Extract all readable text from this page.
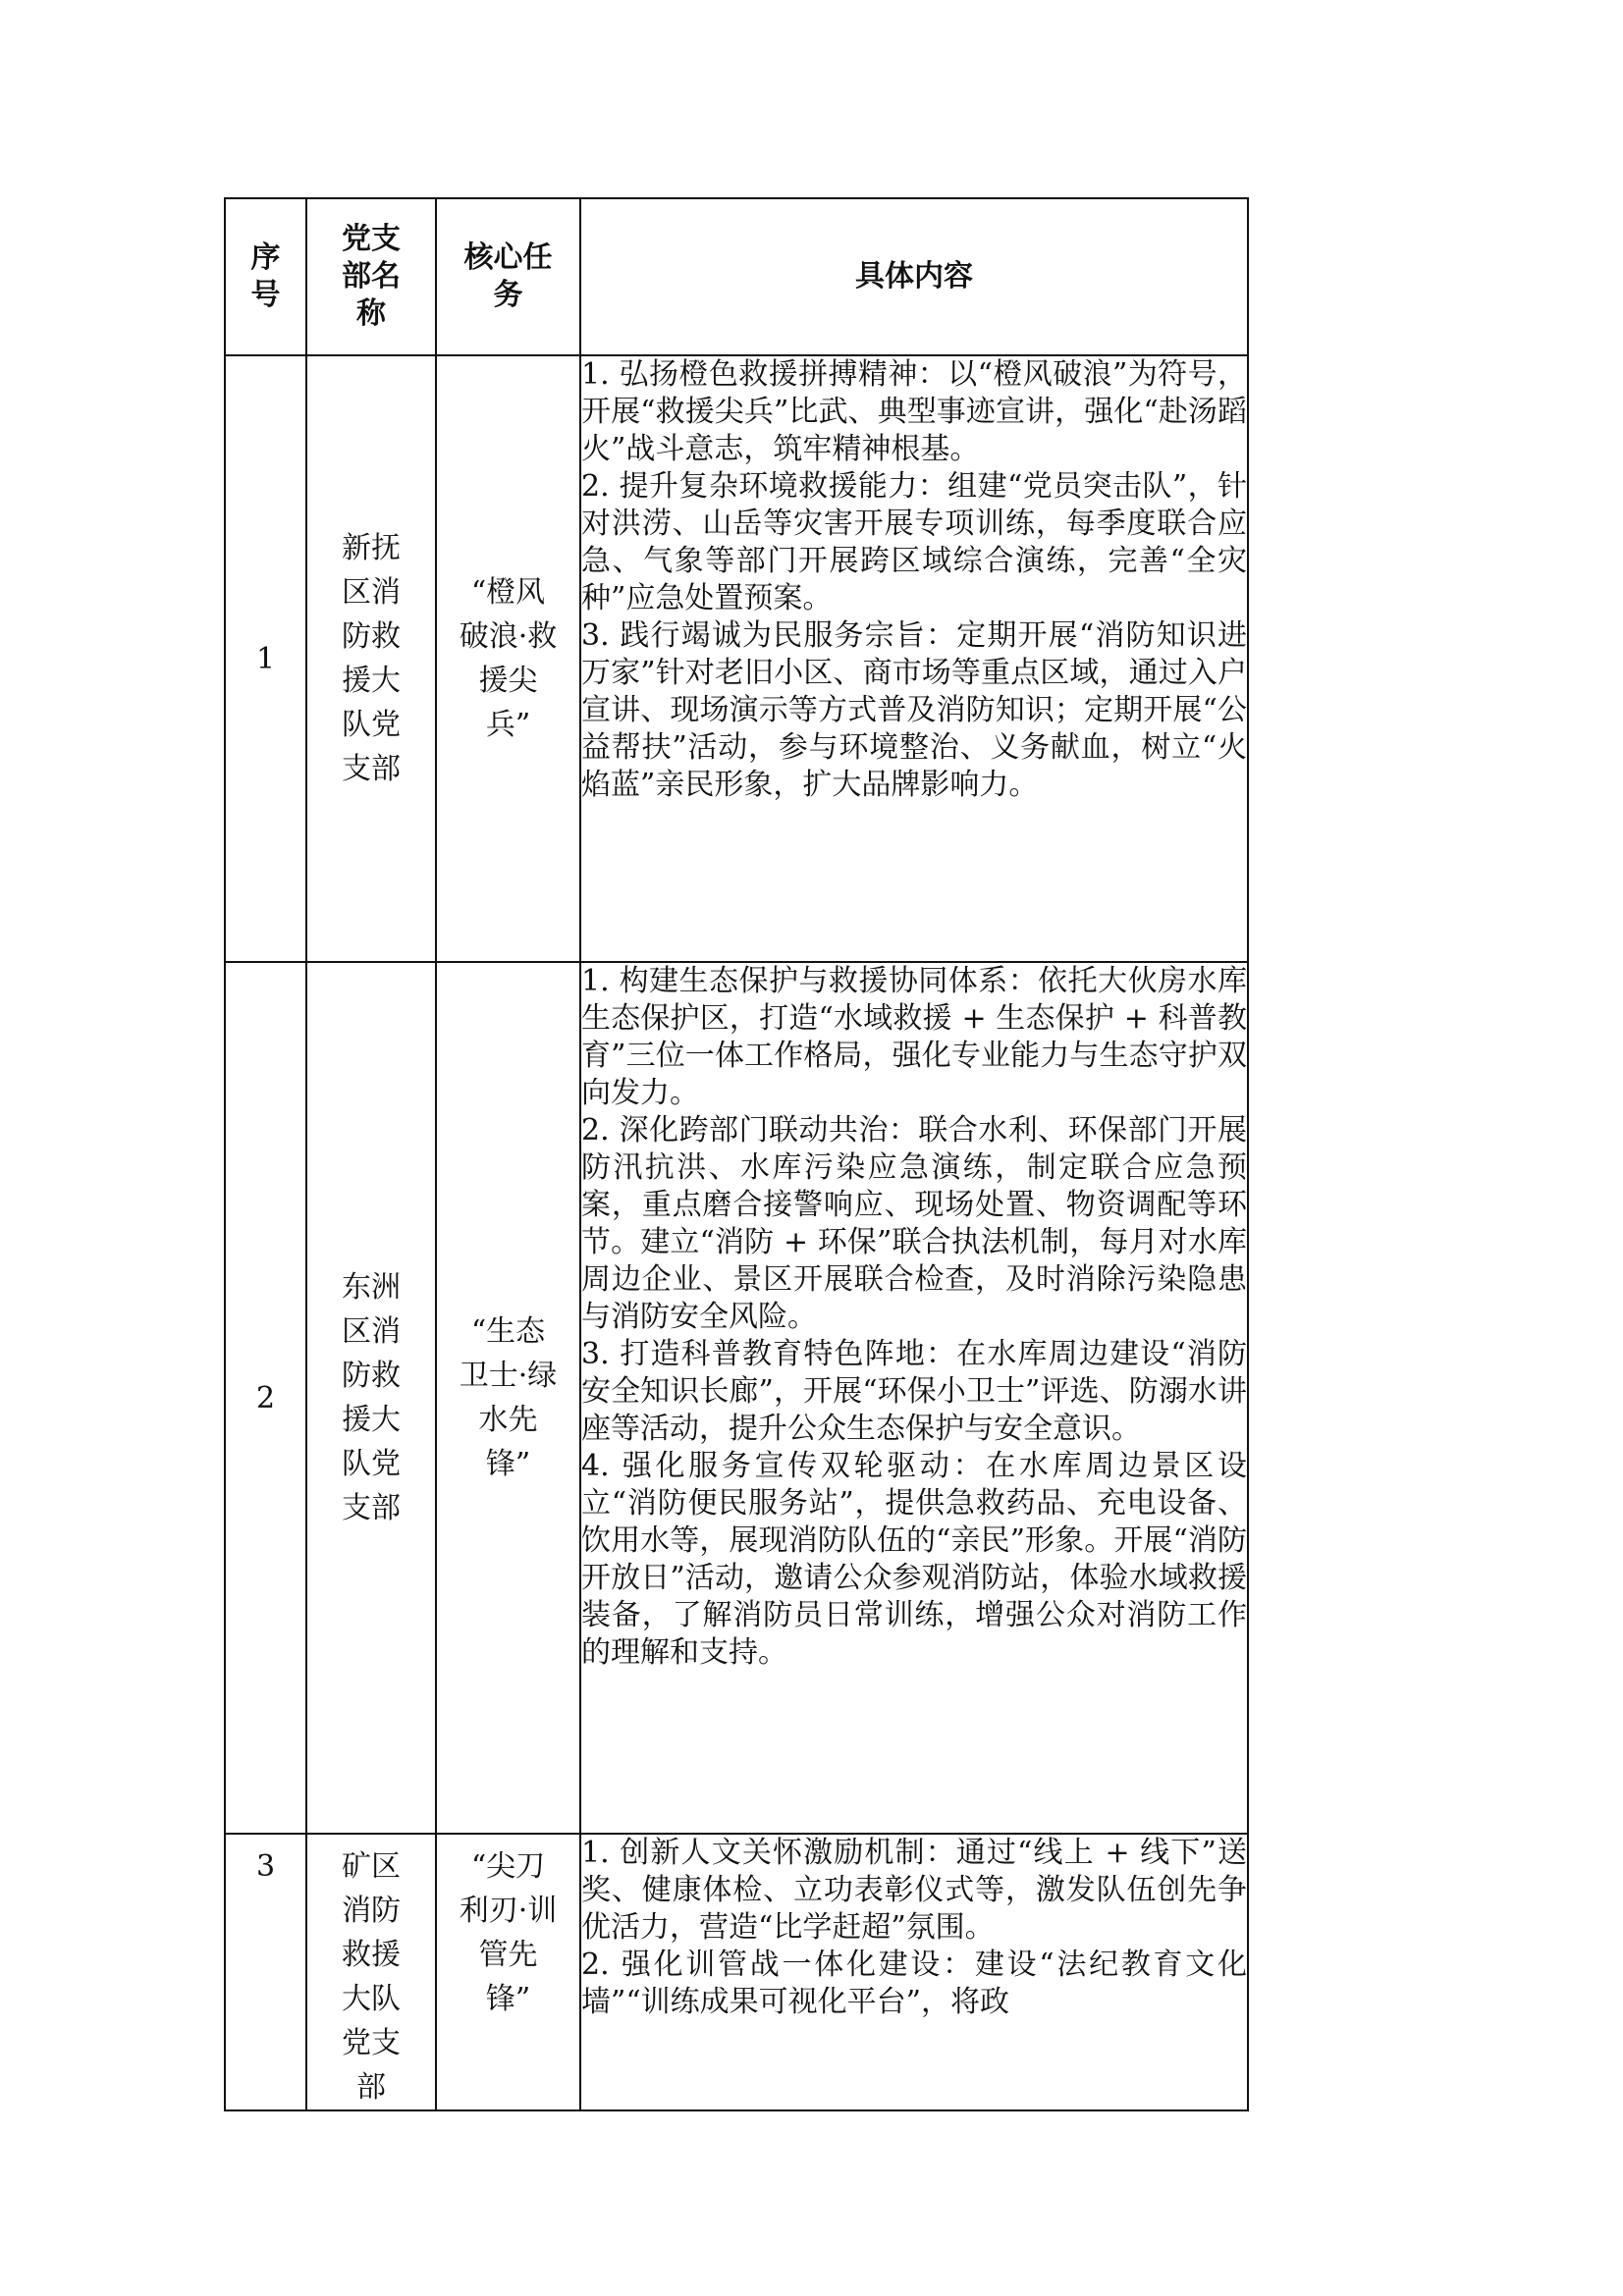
序号	党支部名称	核心任务	具体内容
1	新抚区消防救援大队党支部	“橙风破浪·救援尖兵”	1. 弘扬橙色救援拼搏精神：以“橙风破浪”为符号，开展“救援尖兵”比武、典型事迹宣讲，强化“赴汤蹈火”战斗意志，筑牢精神根基。
2. 提升复杂环境救援能力：组建“党员突击队”，针对洪涝、山岳等灾害开展专项训练，每季度联合应急、气象等部门开展跨区域综合演练，完善“全灾种”应急处置预案。
3. 践行竭诚为民服务宗旨：定期开展“消防知识进万家”针对老旧小区、商市场等重点区域，通过入户宣讲、现场演示等方式普及消防知识；定期开展“公益帮扶”活动，参与环境整治、义务献血，树立“火焰蓝”亲民形象，扩大品牌影响力。

2	东洲区消防救援大队党支部	“生态卫士·绿水先锋”	1. 构建生态保护与救援协同体系：依托大伙房水库生态保护区，打造“水域救援 + 生态保护 + 科普教育”三位一体工作格局，强化专业能力与生态守护双向发力。
2. 深化跨部门联动共治：联合水利、环保部门开展防汛抗洪、水库污染应急演练，制定联合应急预案，重点磨合接警响应、现场处置、物资调配等环节。建立“消防 + 环保”联合执法机制，每月对水库周边企业、景区开展联合检查，及时消除污染隐患与消防安全风险。
3. 打造科普教育特色阵地：在水库周边建设“消防安全知识长廊”，开展“环保小卫士”评选、防溺水讲座等活动，提升公众生态保护与安全意识。
4. 强化服务宣传双轮驱动：在水库周边景区设立“消防便民服务站”，提供急救药品、充电设备、饮用水等，展现消防队伍的“亲民”形象。开展“消防开放日”活动，邀请公众参观消防站，体验水域救援装备，了解消防员日常训练，增强公众对消防工作的理解和支持。

3	矿区消防救援大队党支部	“尖刀利刃·训管先锋”	1. 创新人文关怀激励机制：通过“线上 + 线下”送奖、健康体检、立功表彰仪式等，激发队伍创先争优活力，营造“比学赶超”氛围。
2. 强化训管战一体化建设：建设“法纪教育文化墙”“训练成果可视化平台”，将政
